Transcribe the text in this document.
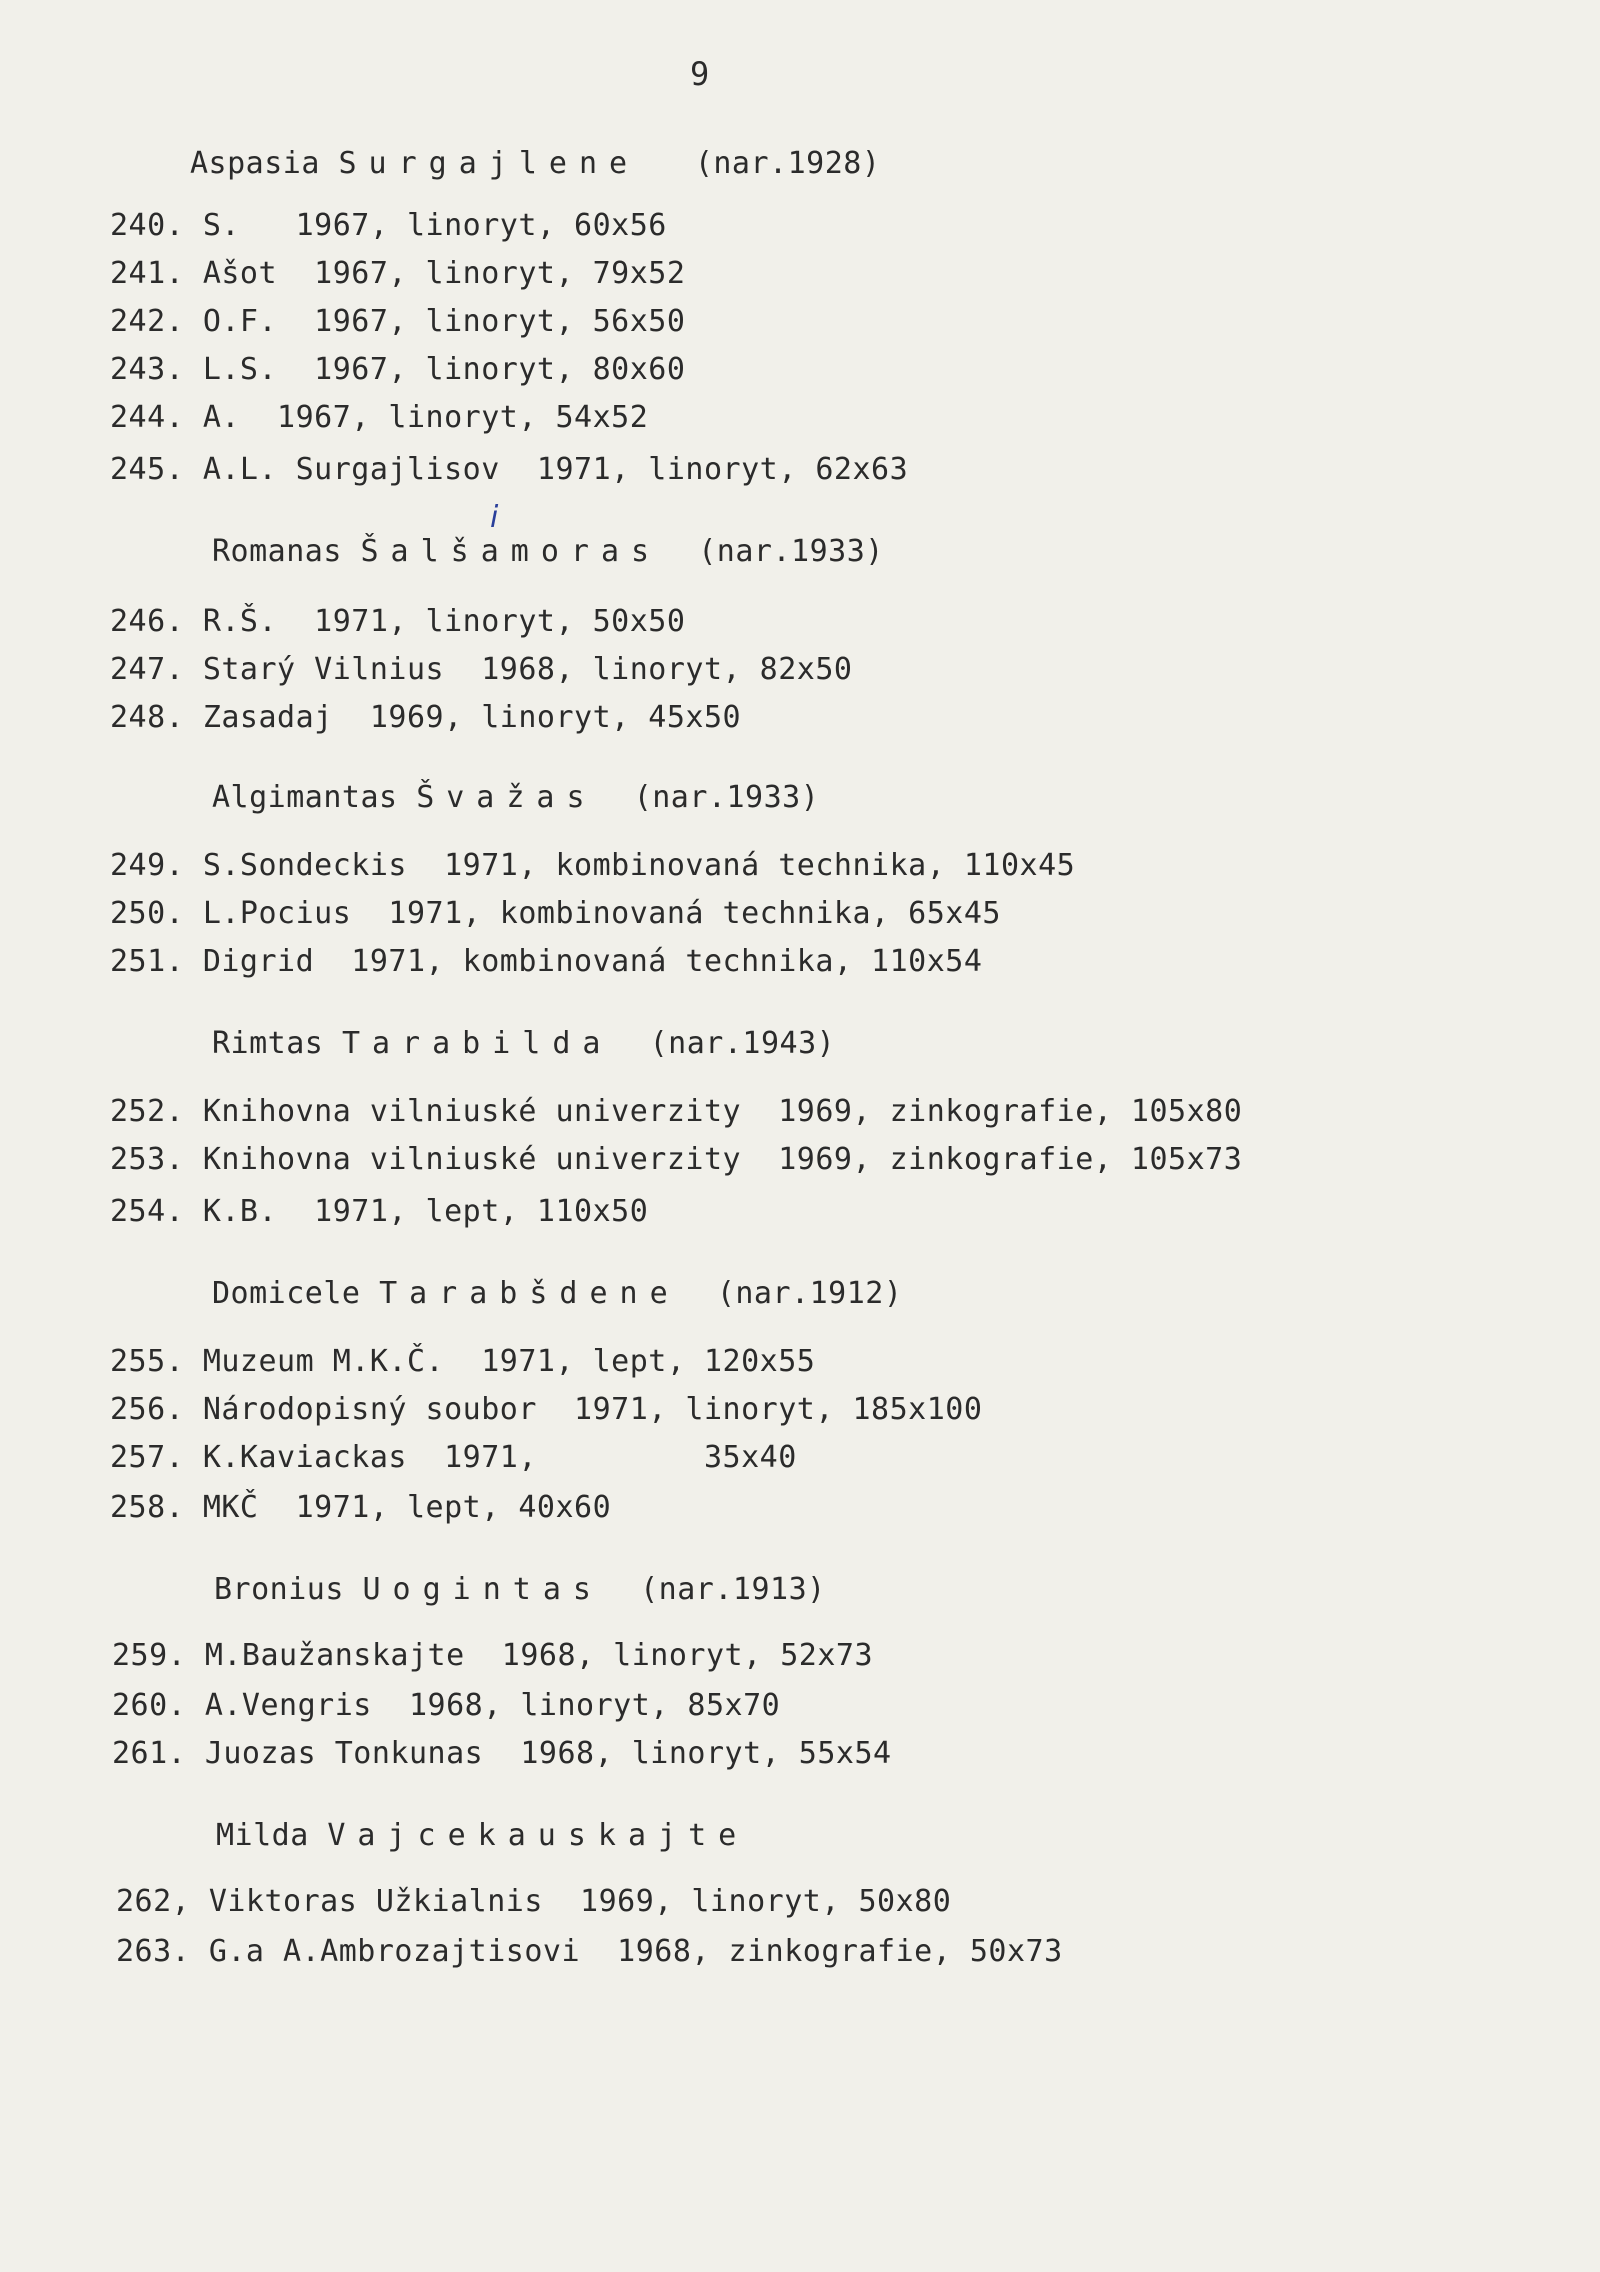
9
Aspasia Surgajlene (nar.1928)
240. S.   1967, linoryt, 60x56
241. Ašot  1967, linoryt, 79x52
242. O.F.  1967, linoryt, 56x50
243. L.S.  1967, linoryt, 80x60
244. A.  1967, linoryt, 54x52
245. A.L. Surgajlisov  1971, linoryt, 62x63
i
Romanas Šalšamoras (nar.1933)
246. R.Š.  1971, linoryt, 50x50
247. Starý Vilnius  1968, linoryt, 82x50
248. Zasadaj  1969, linoryt, 45x50
Algimantas Švažas (nar.1933)
249. S.Sondeckis  1971, kombinovaná technika, 110x45
250. L.Pocius  1971, kombinovaná technika, 65x45
251. Digrid  1971, kombinovaná technika, 110x54
Rimtas Tarabilda (nar.1943)
252. Knihovna vilniuské univerzity  1969, zinkografie, 105x80
253. Knihovna vilniuské univerzity  1969, zinkografie, 105x73
254. K.B.  1971, lept, 110x50
Domicele Tarabšdene (nar.1912)
255. Muzeum M.K.Č.  1971, lept, 120x55
256. Národopisný soubor  1971, linoryt, 185x100
257. K.Kaviackas  1971,         35x40
258. MKČ  1971, lept, 40x60
Bronius Uogintas (nar.1913)
259. M.Baužanskajte  1968, linoryt, 52x73
260. A.Vengris  1968, linoryt, 85x70
261. Juozas Tonkunas  1968, linoryt, 55x54
Milda Vajcekauskajte
262, Viktoras Užkialnis  1969, linoryt, 50x80
263. G.a A.Ambrozajtisovi  1968, zinkografie, 50x73
